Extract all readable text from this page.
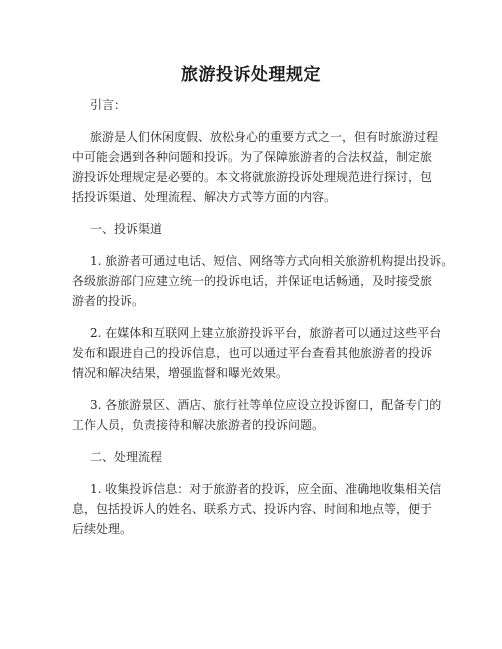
旅游投诉处理规定

引言：

旅游是人们休闲度假、放松身心的重要方式之一，但有时旅游过程
中可能会遇到各种问题和投诉。为了保障旅游者的合法权益，制定旅
游投诉处理规定是必要的。本文将就旅游投诉处理规范进行探讨，包
括投诉渠道、处理流程、解决方式等方面的内容。

一、投诉渠道

1. 旅游者可通过电话、短信、网络等方式向相关旅游机构提出投诉。
各级旅游部门应建立统一的投诉电话，并保证电话畅通，及时接受旅
游者的投诉。

2. 在媒体和互联网上建立旅游投诉平台，旅游者可以通过这些平台
发布和跟进自己的投诉信息，也可以通过平台查看其他旅游者的投诉
情况和解决结果，增强监督和曝光效果。

3. 各旅游景区、酒店、旅行社等单位应设立投诉窗口，配备专门的
工作人员，负责接待和解决旅游者的投诉问题。

二、处理流程

1. 收集投诉信息：对于旅游者的投诉，应全面、准确地收集相关信
息，包括投诉人的姓名、联系方式、投诉内容、时间和地点等，便于
后续处理。
